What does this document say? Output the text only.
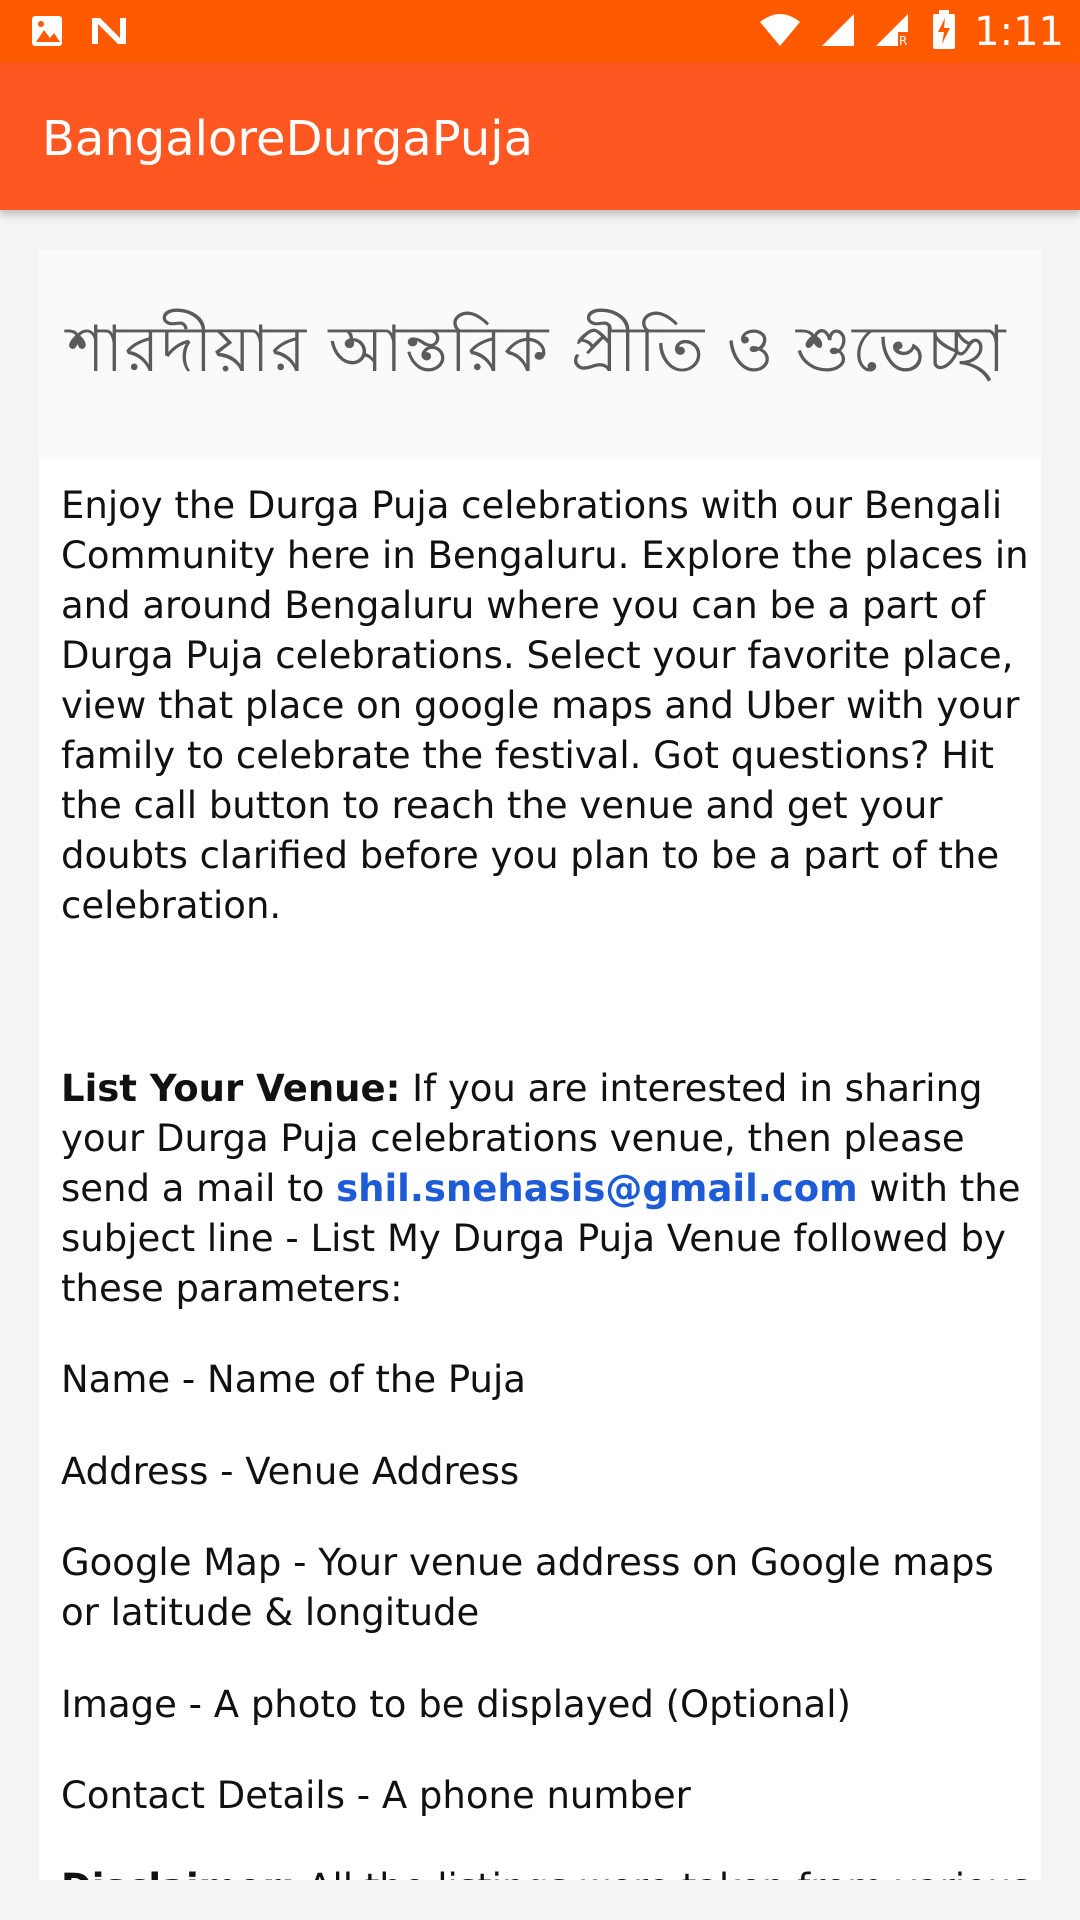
R 1:11
BangaloreDurgaPuja
শারদীয়ার আন্তরিক প্রীতি ও শুভেচ্ছা
Enjoy the Durga Puja celebrations with our Bengali Community here in Bengaluru. Explore the places in and around Bengaluru where you can be a part of Durga Puja celebrations. Select your favorite place, view that place on google maps and Uber with your family to celebrate the festival. Got questions? Hit the call button to reach the venue and get your doubts clarified before you plan to be a part of the celebration.
List Your Venue: If you are interested in sharing your Durga Puja celebrations venue, then please send a mail to shil.snehasis@gmail.com with the subject line - List My Durga Puja Venue followed by these parameters:
Name - Name of the Puja
Address - Venue Address
Google Map - Your venue address on Google maps or latitude & longitude
Image - A photo to be displayed (Optional)
Contact Details - A phone number
